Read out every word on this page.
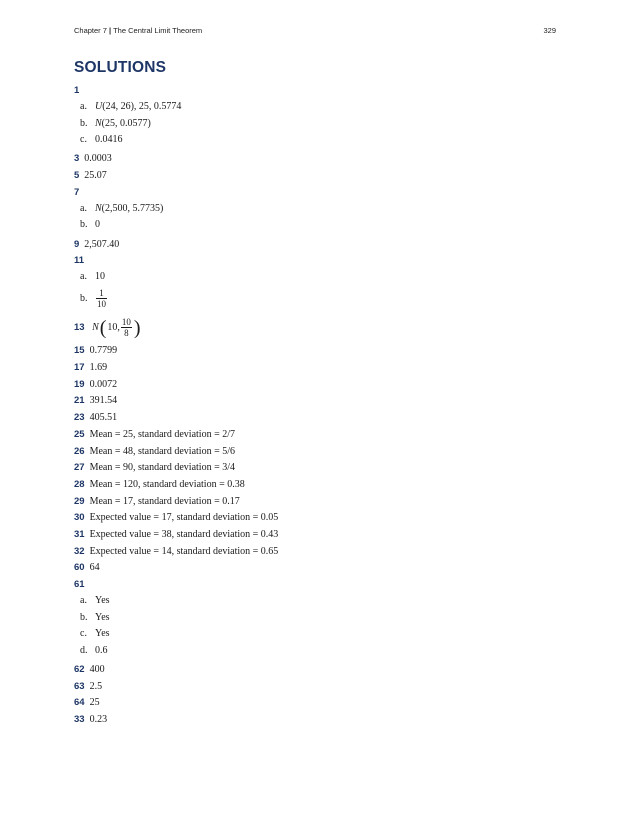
Chapter 7 | The Central Limit Theorem	329
SOLUTIONS
1
a. U(24, 26), 25, 0.5774
b. N(25, 0.0577)
c. 0.0416
3 0.0003
5 25.07
7
a. N(2,500, 5.7735)
b. 0
9 2,507.40
11
a. 10
b. $\frac{1}{10}$
13 N ( 10, $\frac{10}{8}$ )
15 0.7799
17 1.69
19 0.0072
21 391.54
23 405.51
25 Mean = 25, standard deviation = 2/7
26 Mean = 48, standard deviation = 5/6
27 Mean = 90, standard deviation = 3/4
28 Mean = 120, standard deviation = 0.38
29 Mean = 17, standard deviation = 0.17
30 Expected value = 17, standard deviation = 0.05
31 Expected value = 38, standard deviation = 0.43
32 Expected value = 14, standard deviation = 0.65
60 64
61
a. Yes
b. Yes
c. Yes
d. 0.6
62 400
63 2.5
64 25
33 0.23
